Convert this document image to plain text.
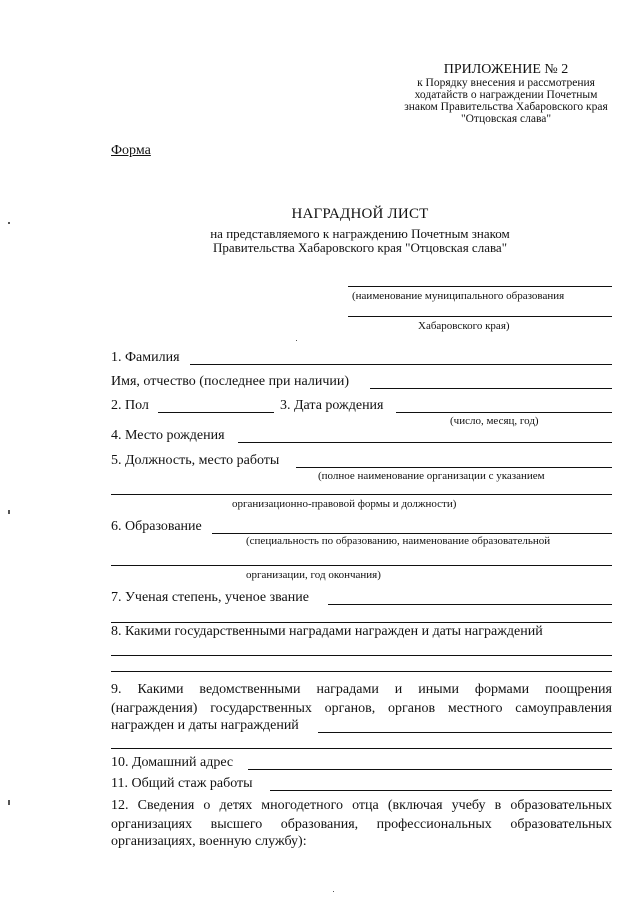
ПРИЛОЖЕНИЕ № 2
к Порядку внесения и рассмотрения
ходатайств о награждении Почетным
знаком Правительства Хабаровского края
"Отцовская слава"
Форма
НАГРАДНОЙ ЛИСТ
на представляемого к награждению Почетным знаком
Правительства Хабаровского края "Отцовская слава"
(наименование муниципального образования
Хабаровского края)
1. Фамилия
Имя, отчество (последнее при наличии)
2. Пол	3. Дата рождения
(число, месяц, год)
4. Место рождения
5. Должность, место работы
(полное наименование организации с указанием
организационно-правовой формы и должности)
6. Образование
(специальность по образованию, наименование образовательной
организации, год окончания)
7. Ученая степень, ученое звание
8. Какими государственными наградами награжден и даты награждений
9. Какими ведомственными наградами и иными формами поощрения
(награждения) государственных органов, органов местного самоуправления
награжден и даты награждений
10. Домашний адрес
11. Общий стаж работы
12. Сведения о детях многодетного отца (включая учебу в образовательных
организациях высшего образования, профессиональных образовательных
организациях, военную службу):
